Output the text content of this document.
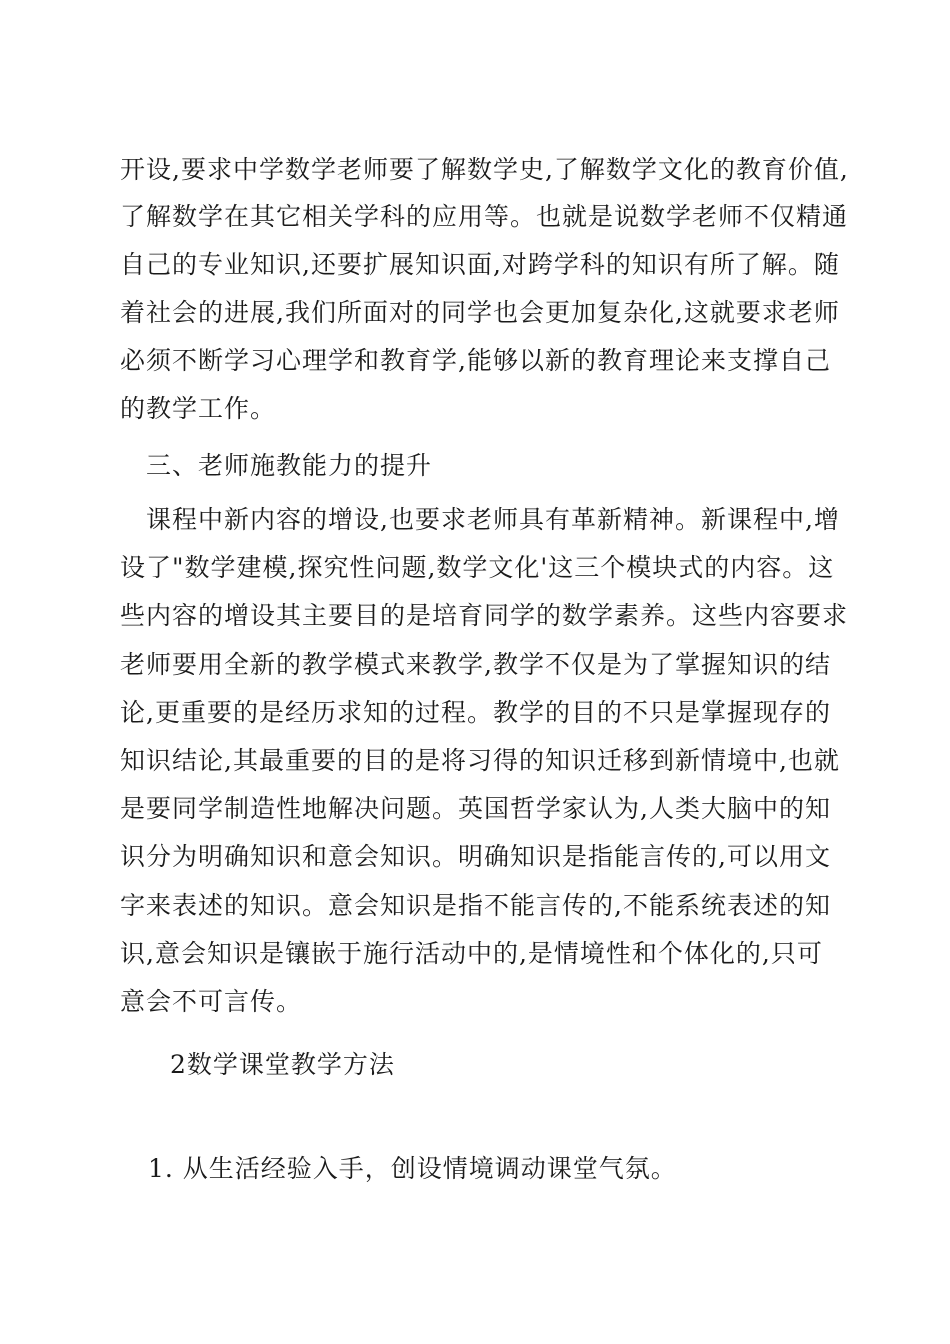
开设,要求中学数学老师要了解数学史,了解数学文化的教育价值,
了解数学在其它相关学科的应用等。也就是说数学老师不仅精通
自己的专业知识,还要扩展知识面,对跨学科的知识有所了解。随
着社会的进展,我们所面对的同学也会更加复杂化,这就要求老师
必须不断学习心理学和教育学,能够以新的教育理论来支撑自己
的教学工作。
三、老师施教能力的提升
课程中新内容的增设,也要求老师具有革新精神。新课程中,增
设了"数学建模,探究性问题,数学文化'这三个模块式的内容。这
些内容的增设其主要目的是培育同学的数学素养。这些内容要求
老师要用全新的教学模式来教学,教学不仅是为了掌握知识的结
论,更重要的是经历求知的过程。教学的目的不只是掌握现存的
知识结论,其最重要的目的是将习得的知识迁移到新情境中,也就
是要同学制造性地解决问题。英国哲学家认为,人类大脑中的知
识分为明确知识和意会知识。明确知识是指能言传的,可以用文
字来表述的知识。意会知识是指不能言传的,不能系统表述的知
识,意会知识是镶嵌于施行活动中的,是情境性和个体化的,只可
意会不可言传。
2数学课堂教学方法
1. 从生活经验入手，创设情境调动课堂气氛。
